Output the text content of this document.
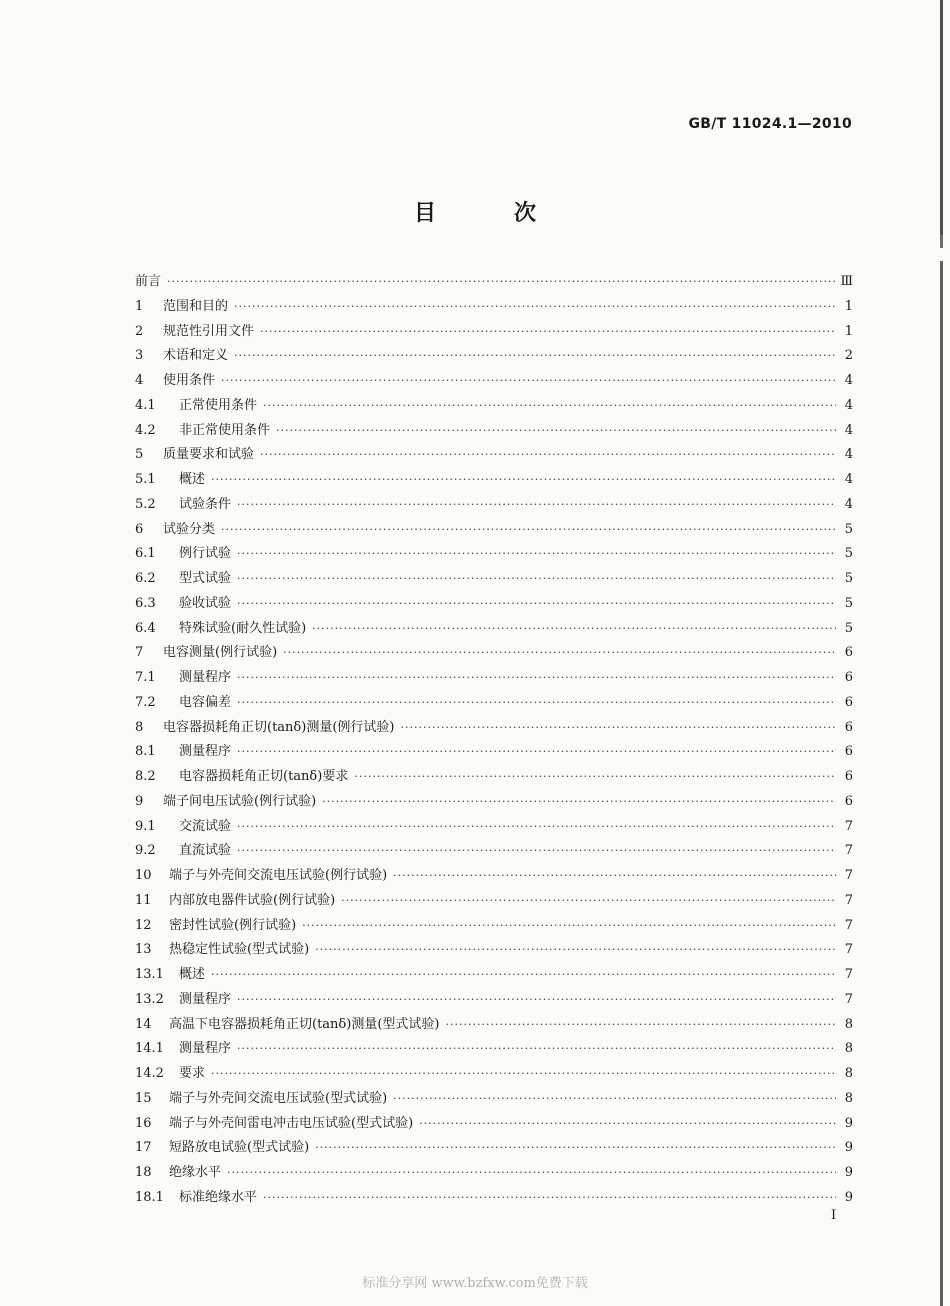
GB/T 11024.1—2010
目　次
前言 ·····	Ⅲ
1	范围和目的 ·····	1
2	规范性引用文件 ·····	1
3	术语和定义 ·····	2
4	使用条件 ·····	4
4.1	正常使用条件 ·····	4
4.2	非正常使用条件 ·····	4
5	质量要求和试验 ·····	4
5.1	概述 ·····	4
5.2	试验条件 ·····	4
6	试验分类 ·····	5
6.1	例行试验 ·····	5
6.2	型式试验 ·····	5
6.3	验收试验 ·····	5
6.4	特殊试验(耐久性试验) ·····	5
7	电容测量(例行试验) ·····	6
7.1	测量程序 ·····	6
7.2	电容偏差 ·····	6
8	电容器损耗角正切(tanδ)测量(例行试验) ·····	6
8.1	测量程序 ·····	6
8.2	电容器损耗角正切(tanδ)要求 ·····	6
9	端子间电压试验(例行试验) ·····	6
9.1	交流试验 ·····	7
9.2	直流试验 ·····	7
10	端子与外壳间交流电压试验(例行试验) ·····	7
11	内部放电器件试验(例行试验) ·····	7
12	密封性试验(例行试验) ·····	7
13	热稳定性试验(型式试验) ·····	7
13.1	概述 ·····	7
13.2	测量程序 ·····	7
14	高温下电容器损耗角正切(tanδ)测量(型式试验) ·····	8
14.1	测量程序 ·····	8
14.2	要求 ·····	8
15	端子与外壳间交流电压试验(型式试验) ·····	8
16	端子与外壳间雷电冲击电压试验(型式试验) ·····	9
17	短路放电试验(型式试验) ·····	9
18	绝缘水平 ·····	9
18.1	标准绝缘水平 ·····	9
I
标准分享网 www.bzfxw.com免费下载
